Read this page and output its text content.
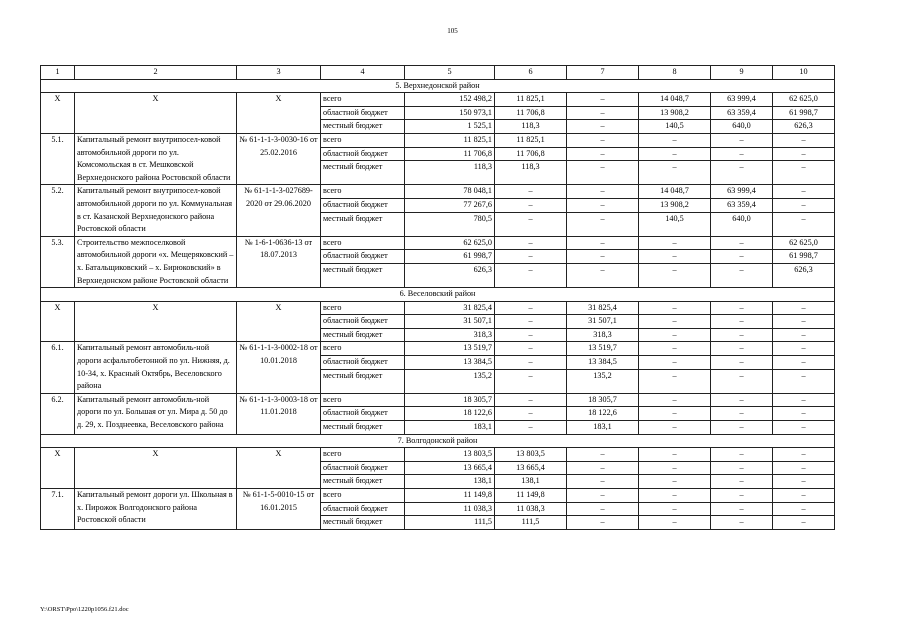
105
1	2	3	4	5	6	7	8	9	10
5. Верхнедонской район									
Х	Х	Х	всего	152 498,2	11 825,1	–	14 048,7	63 999,4	62 625,0
			областной бюджет	150 973,1	11 706,8	–	13 908,2	63 359,4	61 998,7
			местный бюджет	1 525,1	118,3	–	140,5	640,0	626,3
5.1.	Капитальный ремонт внутрипосел-ковой автомобильной дороги по ул. Комсомольская в ст. Мешковской Верхнедонского района Ростовской области	№ 61-1-1-3-0030-16 от 25.02.2016	всего	11 825,1	11 825,1	–	–	–	–
			областной бюджет	11 706,8	11 706,8	–	–	–	–
			местный бюджет	118,3	118,3	–	–	–	–

5.2.	Капитальный ремонт внутрипосел-ковой автомобильной дороги по ул. Коммунальная в ст. Казанской Верхнедонского района Ростовской области	№ 61-1-1-3-027689-2020 от 29.06.2020	всего	78 048,1	–	–	14 048,7	63 999,4	–
			областной бюджет	77 267,6	–	–	13 908,2	63 359,4	–
			местный бюджет	780,5	–	–	140,5	640,0	–

5.3.	Строительство межпоселковой автомобильной дороги «х. Мещеряковский – х. Батальщиковский – х. Бирюковский» в Верхнедонском районе Ростовской области	№ 1-6-1-0636-13 от 18.07.2013	всего	62 625,0	–	–	–	–	62 625,0
			областной бюджет	61 998,7	–	–	–	–	61 998,7
			местный бюджет	626,3	–	–	–	–	626,3

6. Веселовский район									
Х	Х	Х	всего	31 825,4	–	31 825,4	–	–	–
			областной бюджет	31 507,1	–	31 507,1	–	–	–
			местный бюджет	318,3	–	318,3	–	–	–
6.1.	Капитальный ремонт автомобиль-ной дороги асфальтобетонной по ул. Нижняя, д. 10-34, х. Красный Октябрь, Веселовского района	№ 61-1-1-3-0002-18 от 10.01.2018	всего	13 519,7	–	13 519,7	–	–	–
			областной бюджет	13 384,5	–	13 384,5	–	–	–
			местный бюджет	135,2	–	135,2	–	–	–

6.2.	Капитальный ремонт автомобиль-ной дороги по ул. Большая от ул. Мира д. 50 до д. 29, х. Позднеевка, Веселовского района	№ 61-1-1-3-0003-18 от 11.01.2018	всего	18 305,7	–	18 305,7	–	–	–
			областной бюджет	18 122,6	–	18 122,6	–	–	–
			местный бюджет	183,1	–	183,1	–	–	–

7. Волгодонской район									
Х	Х	Х	всего	13 803,5	13 803,5	–	–	–	–
			областной бюджет	13 665,4	13 665,4	–	–	–	–
			местный бюджет	138,1	138,1	–	–	–	–
7.1.	Капитальный ремонт дороги ул. Школьная в х. Пирожок Волгодонского района Ростовской области	№ 61-1-5-0010-15 от 16.01.2015	всего	11 149,8	11 149,8	–	–	–	–
			областной бюджет	11 038,3	11 038,3	–	–	–	–
			местный бюджет	111,5	111,5	–	–	–	–

Y:\ORST\Ppo\1220p1056.f21.doc
